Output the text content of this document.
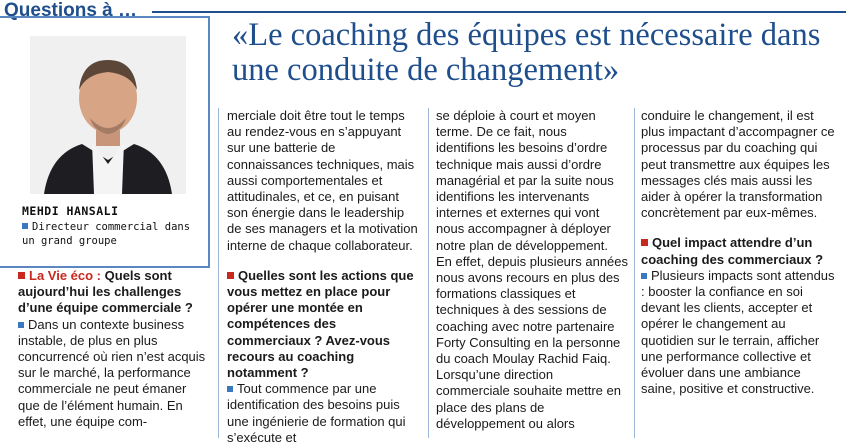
Questions à …
MEHDI HANSALI
Directeur commercial dans un grand groupe
«Le coaching des équipes est nécessaire dans une conduite de changement»

La Vie éco : Quels sont aujourd’hui les challenges d’une équipe commerciale ?

Dans un contexte business instable, de plus en plus concurrencé où rien n’est acquis sur le marché, la performance commerciale ne peut émaner que de l’élément humain. En effet, une équipe com-

merciale doit être tout le temps au rendez-vous en s’appuyant sur une batterie de connaissances techniques, mais aussi comportementales et attitudinales, et ce, en puisant son énergie dans le leadership de ses managers et la motivation interne de chaque collaborateur.

Quelles sont les actions que vous mettez en place pour opérer une montée en compétences des commerciaux ? Avez-vous recours au coaching notamment ?

Tout commence par une identification des besoins puis une ingénierie de formation qui s’exécute et

se déploie à court et moyen terme. De ce fait, nous identifions les besoins d’ordre technique mais aussi d’ordre managérial et par la suite nous identifions les intervenants internes et externes qui vont nous accompagner à déployer notre plan de développement.

En effet, depuis plusieurs années nous avons recours en plus des formations classiques et techniques à des sessions de coaching avec notre partenaire Forty Consulting en la personne du coach Moulay Rachid Faiq.

Lorsqu’une direction commerciale souhaite mettre en place des plans de développement ou alors

conduire le changement, il est plus impactant d’accompagner ce processus par du coaching qui peut transmettre aux équipes les messages clés mais aussi les aider à opérer la transformation concrètement par eux-mêmes.

Quel impact attendre d’un coaching des commerciaux ?

Plusieurs impacts sont attendus : booster la confiance en soi devant les clients, accepter et opérer le changement au quotidien sur le terrain, afficher une performance collective et évoluer dans une ambiance saine, positive et constructive.
